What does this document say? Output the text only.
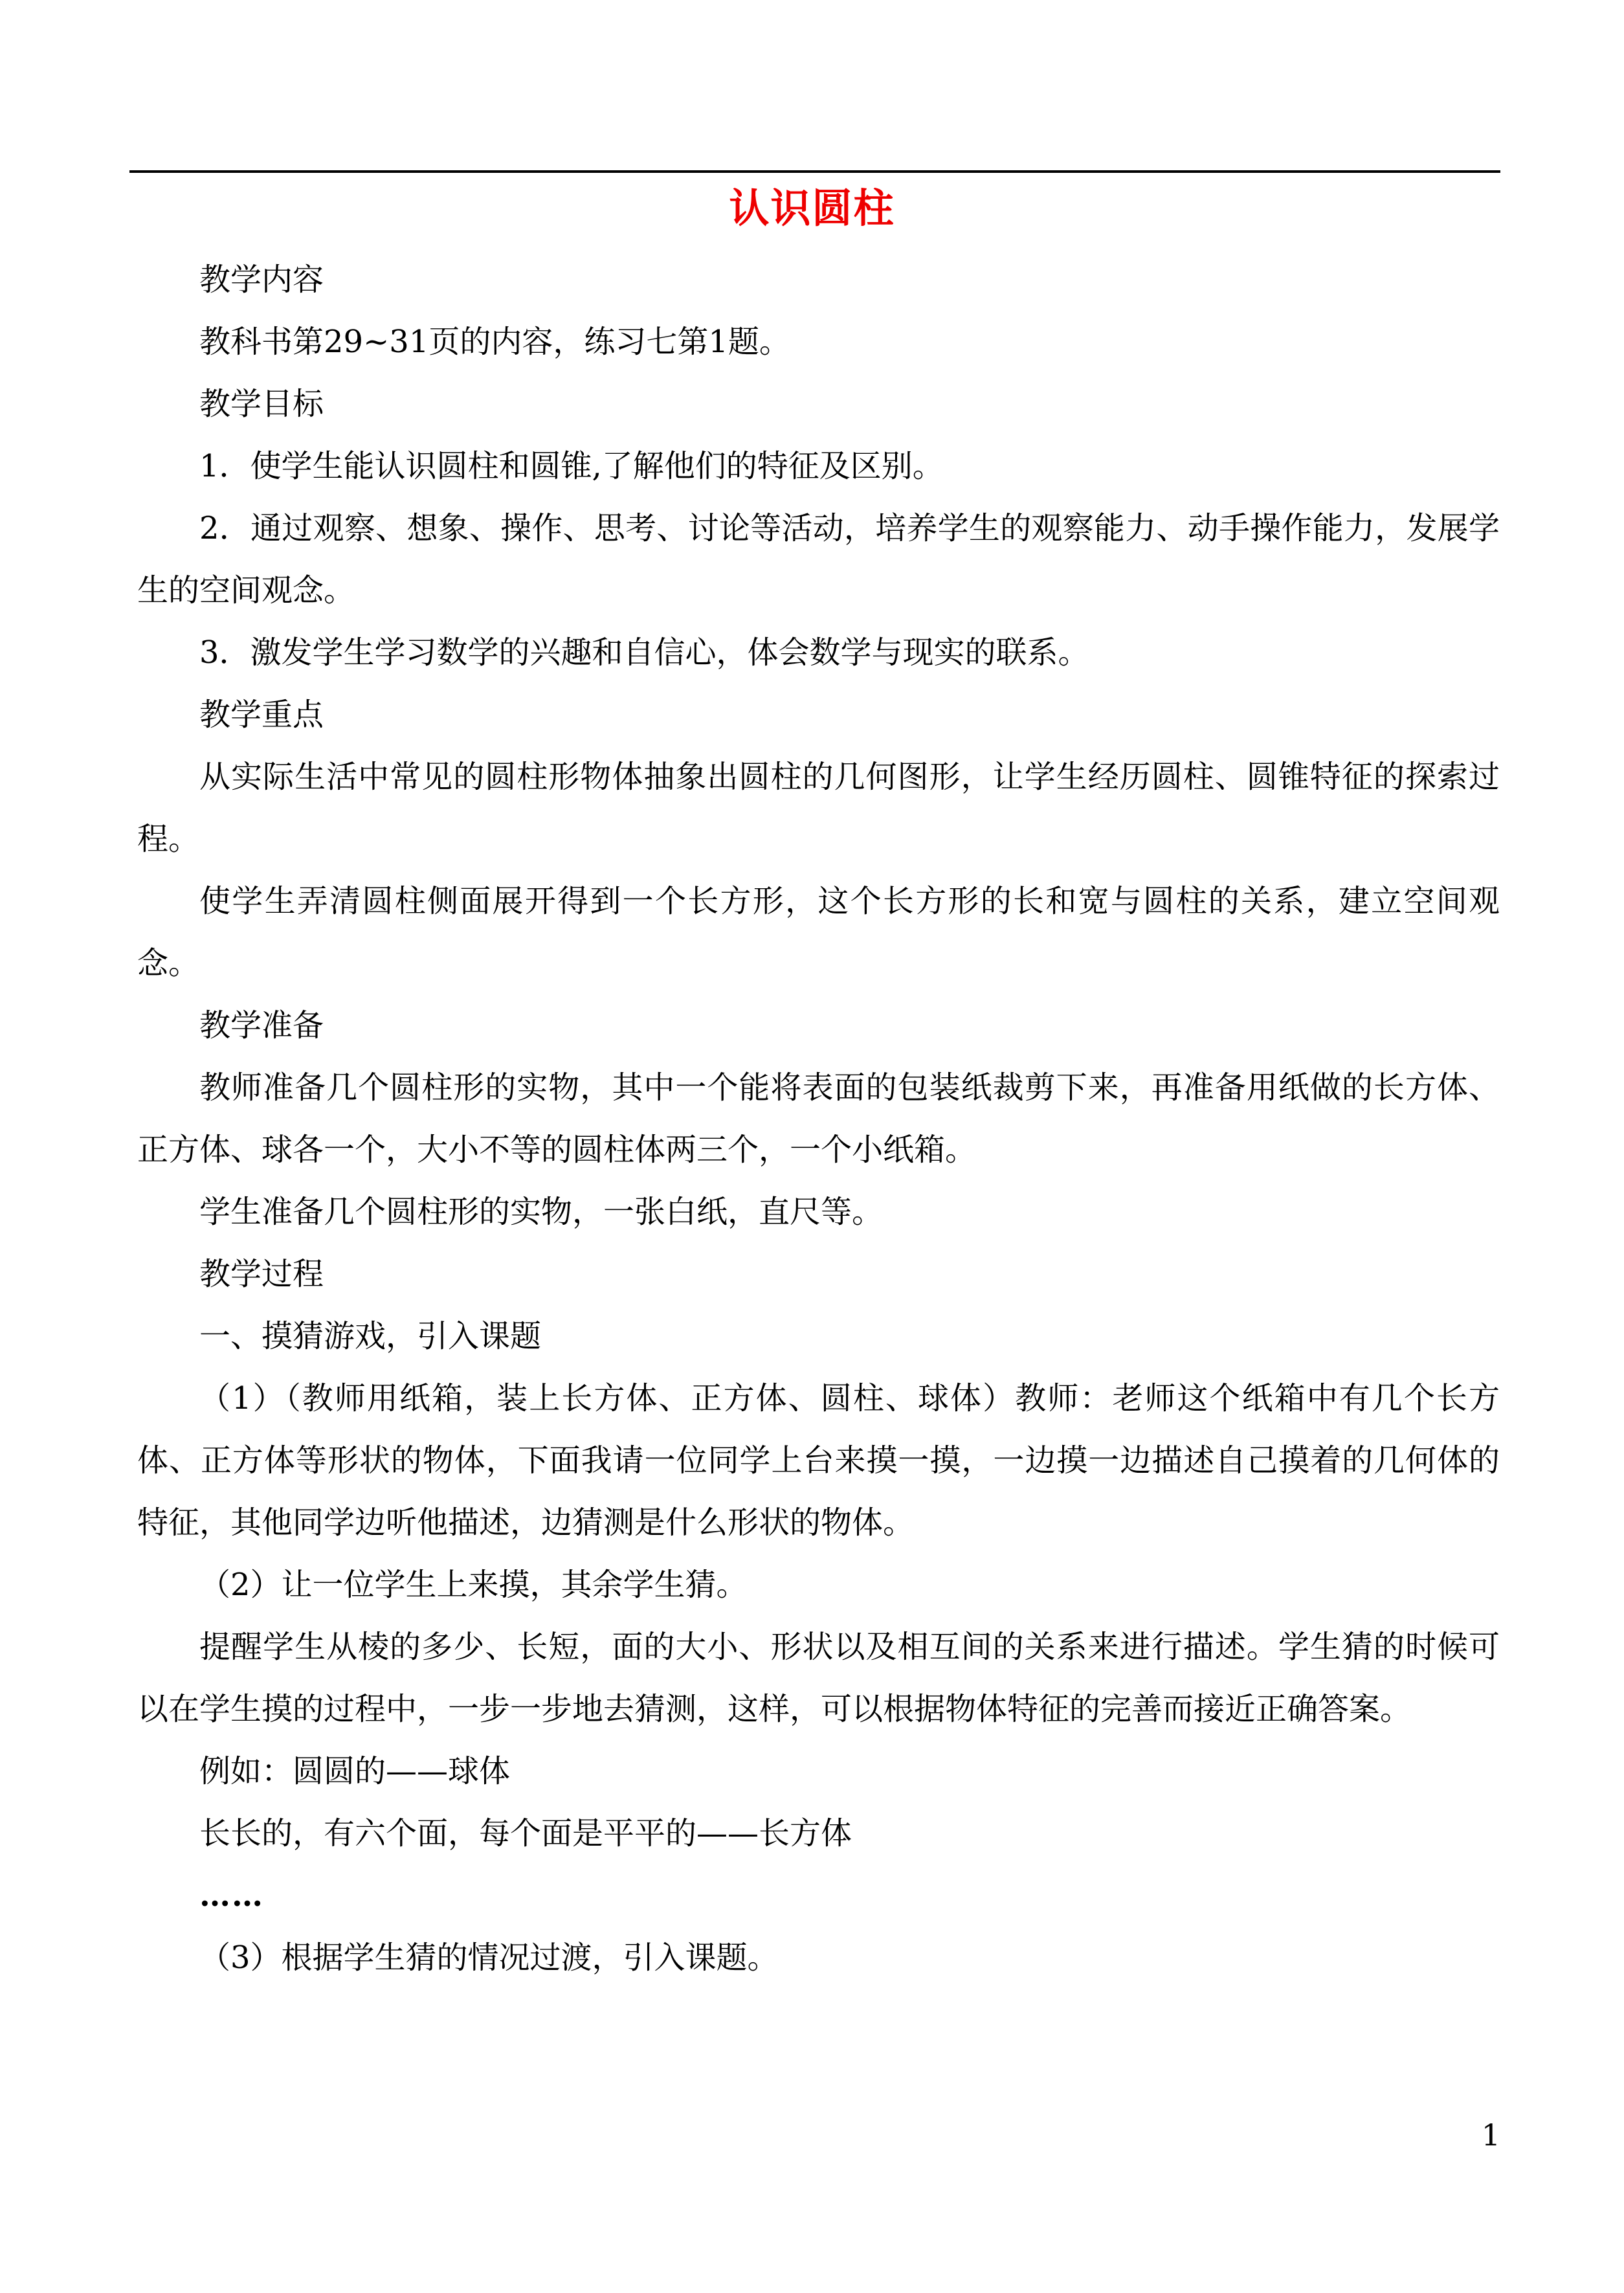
认识圆柱

教学内容

教科书第29~31页的内容，练习七第1题。

教学目标

1．使学生能认识圆柱和圆锥,了解他们的特征及区别。

2．通过观察、想象、操作、思考、讨论等活动，培养学生的观察能力、动手操作能力，发展学生的空间观念。

3．激发学生学习数学的兴趣和自信心，体会数学与现实的联系。

教学重点

从实际生活中常见的圆柱形物体抽象出圆柱的几何图形，让学生经历圆柱、圆锥特征的探索过程。

使学生弄清圆柱侧面展开得到一个长方形，这个长方形的长和宽与圆柱的关系，建立空间观念。

教学准备

教师准备几个圆柱形的实物，其中一个能将表面的包装纸裁剪下来，再准备用纸做的长方体、正方体、球各一个，大小不等的圆柱体两三个，一个小纸箱。

学生准备几个圆柱形的实物，一张白纸，直尺等。

教学过程

一、摸猜游戏，引入课题

（1）（教师用纸箱，装上长方体、正方体、圆柱、球体）教师：老师这个纸箱中有几个长方体、正方体等形状的物体，下面我请一位同学上台来摸一摸，一边摸一边描述自己摸着的几何体的特征，其他同学边听他描述，边猜测是什么形状的物体。

（2）让一位学生上来摸，其余学生猜。

提醒学生从棱的多少、长短，面的大小、形状以及相互间的关系来进行描述。学生猜的时候可以在学生摸的过程中，一步一步地去猜测，这样，可以根据物体特征的完善而接近正确答案。

例如：圆圆的——球体

长长的，有六个面，每个面是平平的——长方体

……

（3）根据学生猜的情况过渡，引入课题。

1
